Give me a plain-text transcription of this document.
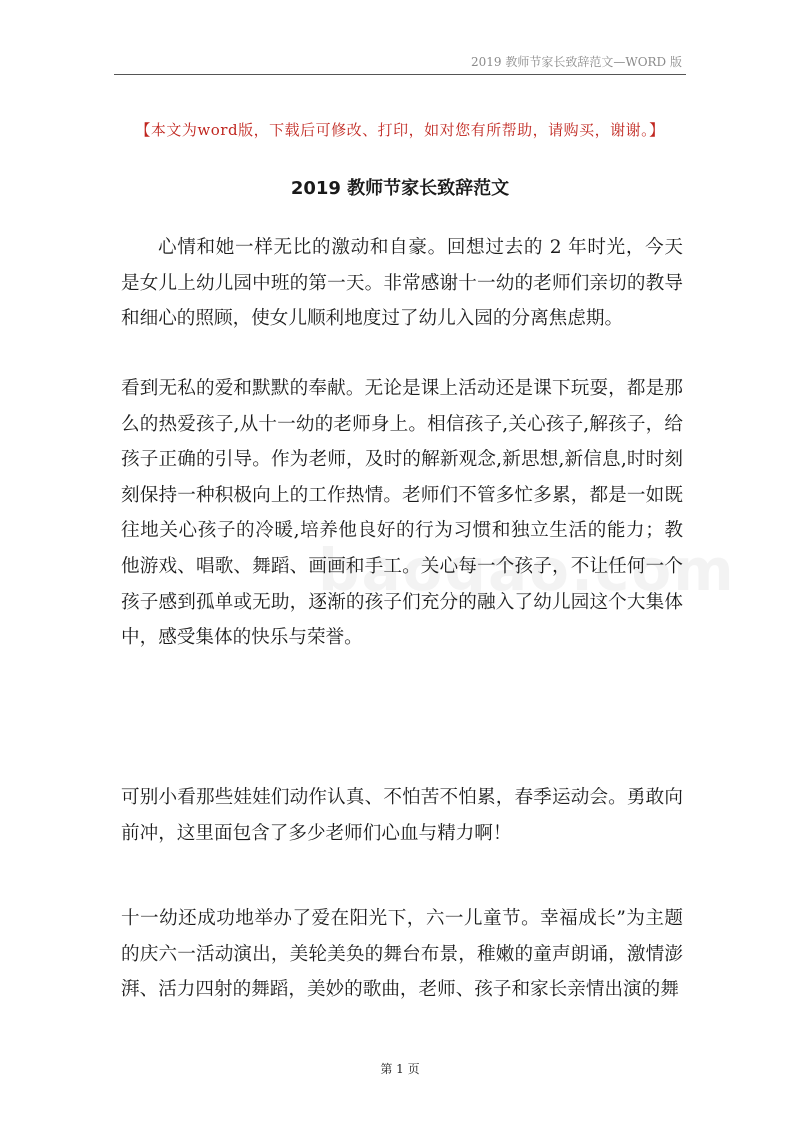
2019 教师节家长致辞范文—WORD 版
【本文为word版，下载后可修改、打印，如对您有所帮助，请购买，谢谢。】
2019 教师节家长致辞范文

心情和她一样无比的激动和自豪。回想过去的 2 年时光，今天是女儿上幼儿园中班的第一天。非常感谢十一幼的老师们亲切的教导和细心的照顾，使女儿顺利地度过了幼儿入园的分离焦虑期。

看到无私的爱和默默的奉献。无论是课上活动还是课下玩耍，都是那么的热爱孩子,从十一幼的老师身上。相信孩子,关心孩子,解孩子，给孩子正确的引导。作为老师，及时的解新观念,新思想,新信息,时时刻刻保持一种积极向上的工作热情。老师们不管多忙多累，都是一如既往地关心孩子的冷暖,培养他良好的行为习惯和独立生活的能力；教他游戏、唱歌、舞蹈、画画和手工。关心每一个孩子，不让任何一个孩子感到孤单或无助，逐渐的孩子们充分的融入了幼儿园这个大集体中，感受集体的快乐与荣誉。

可别小看那些娃娃们动作认真、不怕苦不怕累，春季运动会。勇敢向前冲，这里面包含了多少老师们心血与精力啊！

十一幼还成功地举办了爱在阳光下，六一儿童节。幸福成长”为主题的庆六一活动演出，美轮美奂的舞台布景，稚嫩的童声朗诵，激情澎湃、活力四射的舞蹈，美妙的歌曲，老师、孩子和家长亲情出演的舞

第 1 页
